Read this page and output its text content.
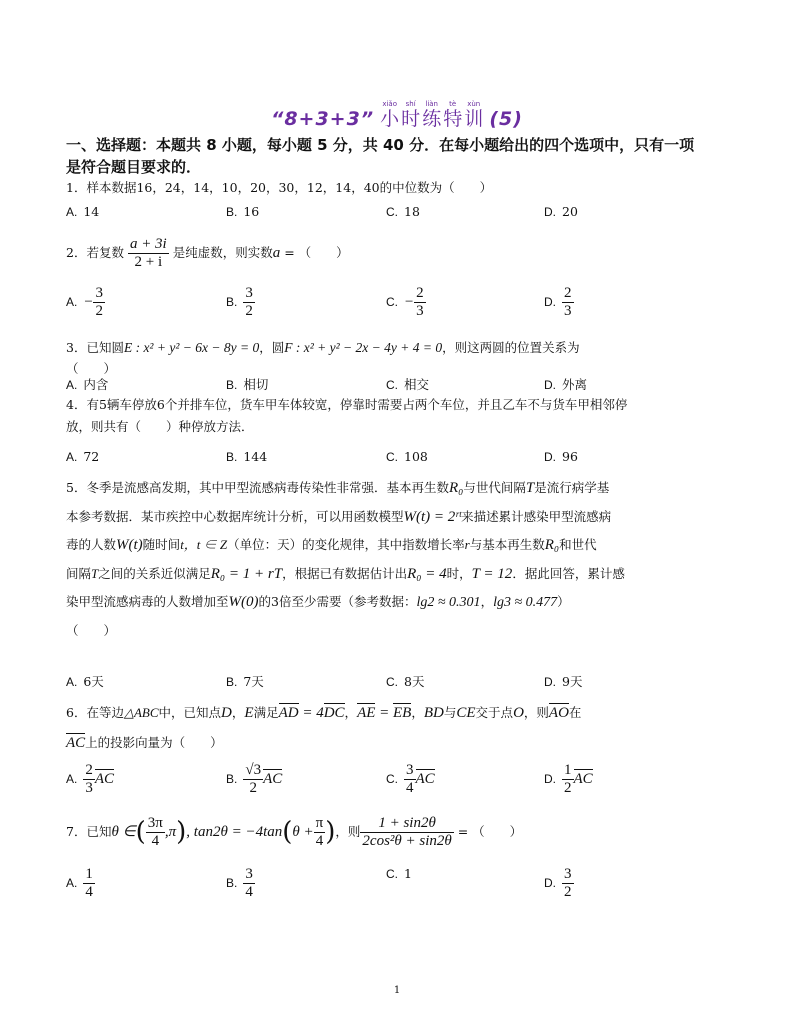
“8+3+3”
xiǎo
小
shí
时
liàn
练
tè
特
xùn
训 (5)
一、选择题：本题共 8 小题，每小题 5 分，共 40 分．在每小题给出的四个选项中，只有一项是符合题目要求的．
1．样本数据16，24，14，10，20，30，12，14，40的中位数为（　　）
A. 14	B. 16	C. 18	D. 20
2．若复数 $\frac{a + 3i}{2 + i}$ 是纯虚数，则实数a = （　　）
A. − $\frac{3}{2}$	B. $\frac{3}{2}$	C. − $\frac{2}{3}$	D. $\frac{2}{3}$
3．已知圆E : x² + y² − 6x − 8y = 0，圆F : x² + y² − 2x − 4y + 4 = 0，则这两圆的位置关系为
（　　）
A. 内含	B. 相切	C. 相交	D. 外离
4．有5辆车停放6个并排车位，货车甲车体较宽，停靠时需要占两个车位，并且乙车不与货车甲相邻停
放，则共有（　　）种停放方法．
A. 72	B. 144	C. 108	D. 96
5．冬季是流感高发期，其中甲型流感病毒传染性非常强．基本再生数R₀与世代间隔T是流行病学基
本参考数据．某市疾控中心数据库统计分析，可以用函数模型W(t) = 2ʳᵗ来描述累计感染甲型流感病
毒的人数W(t)随时间t，t ∈ Z（单位：天）的变化规律，其中指数增长率r与基本再生数R₀和世代
间隔T之间的关系近似满足R₀ = 1 + rT，根据已有数据估计出R₀ = 4时，T = 12．据此回答，累计感
染甲型流感病毒的人数增加至W(0)的3倍至少需要（参考数据：lg2 ≈ 0.301，lg3 ≈ 0.477）
（　　）
A. 6天	B. 7天	C. 8天	D. 9天
6．在等边△ABC中，已知点D，E满足AD = 4DC，AE = EB，BD与CE交于点O，则AO在
AC上的投影向量为（　　）
A. $\frac{2}{3}$ AC	B. $\frac{√3}{2}$ AC	C. $\frac{3}{4}$ AC	D. $\frac{1}{2}$ AC
7．已知θ ∈( $\frac{3\pi}{4} ,\pi$), $\tan 2\theta = -4\tan(\theta + \frac{\pi}{4}$ )，则 $\frac{1 + \sin 2\theta}{\text{2cos²θ + sin2θ}}$ = （　　）
A. $\frac{1}{4}$	B. $\frac{3}{4}$	C. 1
D. $\frac{3}{2}$
1
